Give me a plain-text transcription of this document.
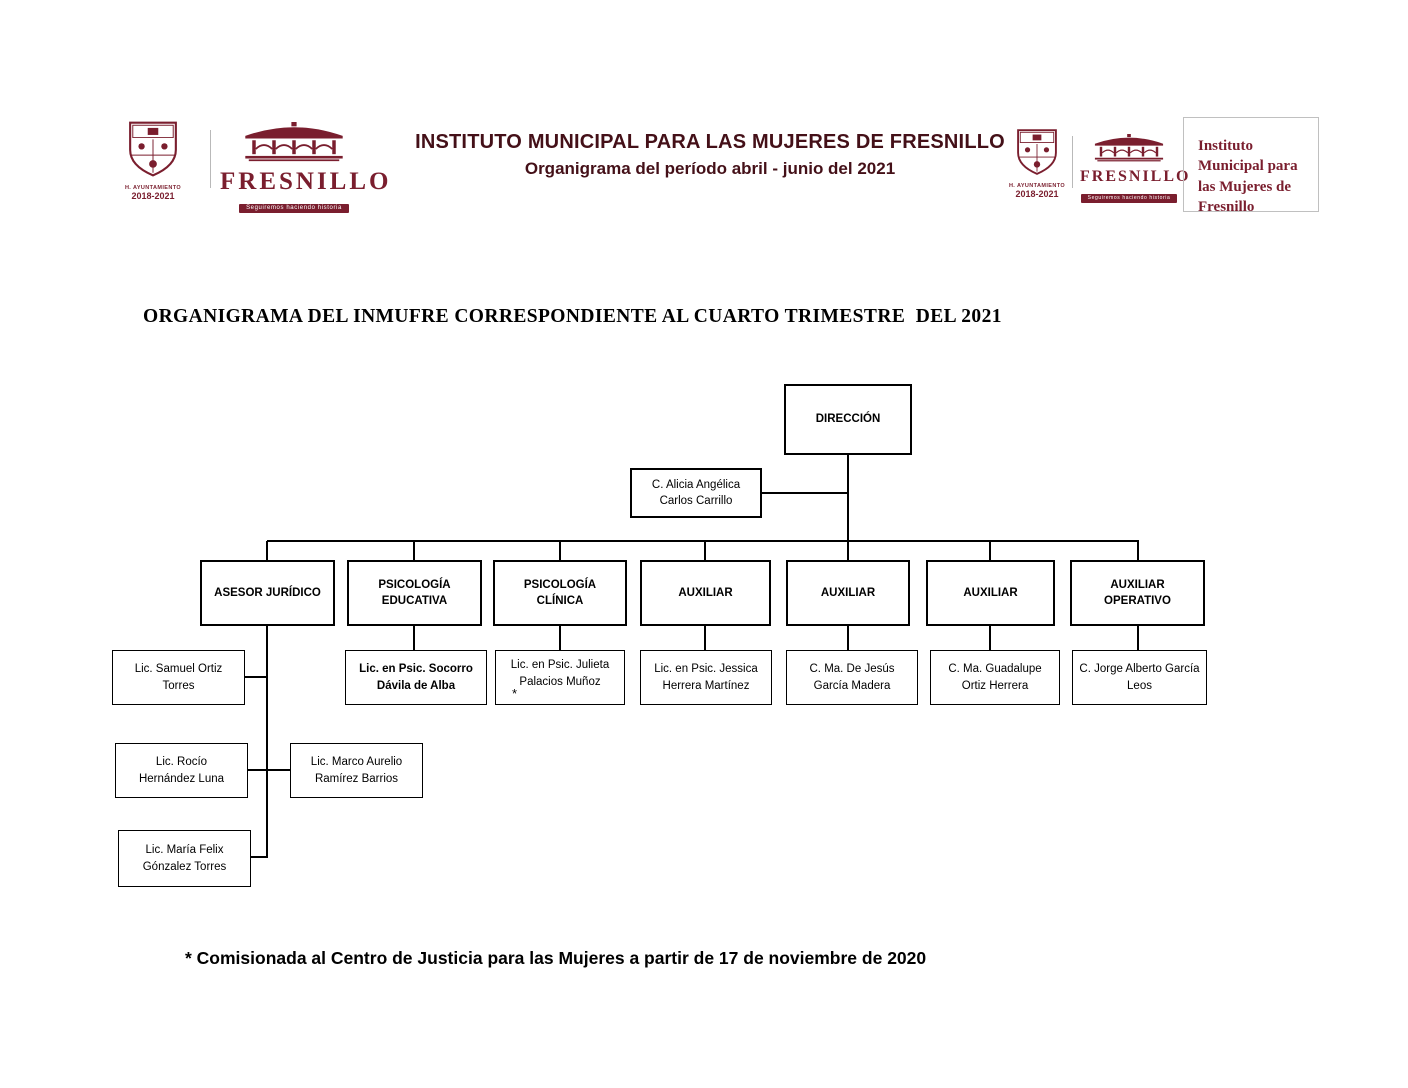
H. AYUNTAMIENTO
2018-2021
FRESNILLO
Seguiremos haciendo historia
INSTITUTO MUNICIPAL PARA LAS MUJERES DE FRESNILLO
Organigrama del período abril - junio del 2021
H. AYUNTAMIENTO
2018-2021
FRESNILLO
Seguiremos haciendo historia
Instituto Municipal para las Mujeres de Fresnillo
ORGANIGRAMA DEL INMUFRE CORRESPONDIENTE AL CUARTO TRIMESTRE  DEL 2021
DIRECCIÓN
C. Alicia Angélica Carlos Carrillo
ASESOR JURÍDICO
PSICOLOGÍA EDUCATIVA
PSICOLOGÍA CLÍNICA
AUXILIAR	AUXILIAR	AUXILIAR
AUXILIAR OPERATIVO
Lic. Samuel Ortiz Torres
Lic. en Psic. Socorro Dávila de Alba
Lic. en Psic. Julieta Palacios Muñoz
*
Lic. en Psic. Jessica Herrera Martínez
C. Ma. De Jesús García Madera
C. Ma. Guadalupe Ortiz Herrera
C. Jorge Alberto García Leos
Lic. Rocío Hernández Luna
Lic. Marco Aurelio Ramírez Barrios
Lic. María Felix Gónzalez Torres
* Comisionada al Centro de Justicia para las Mujeres a partir de 17 de noviembre de 2020
